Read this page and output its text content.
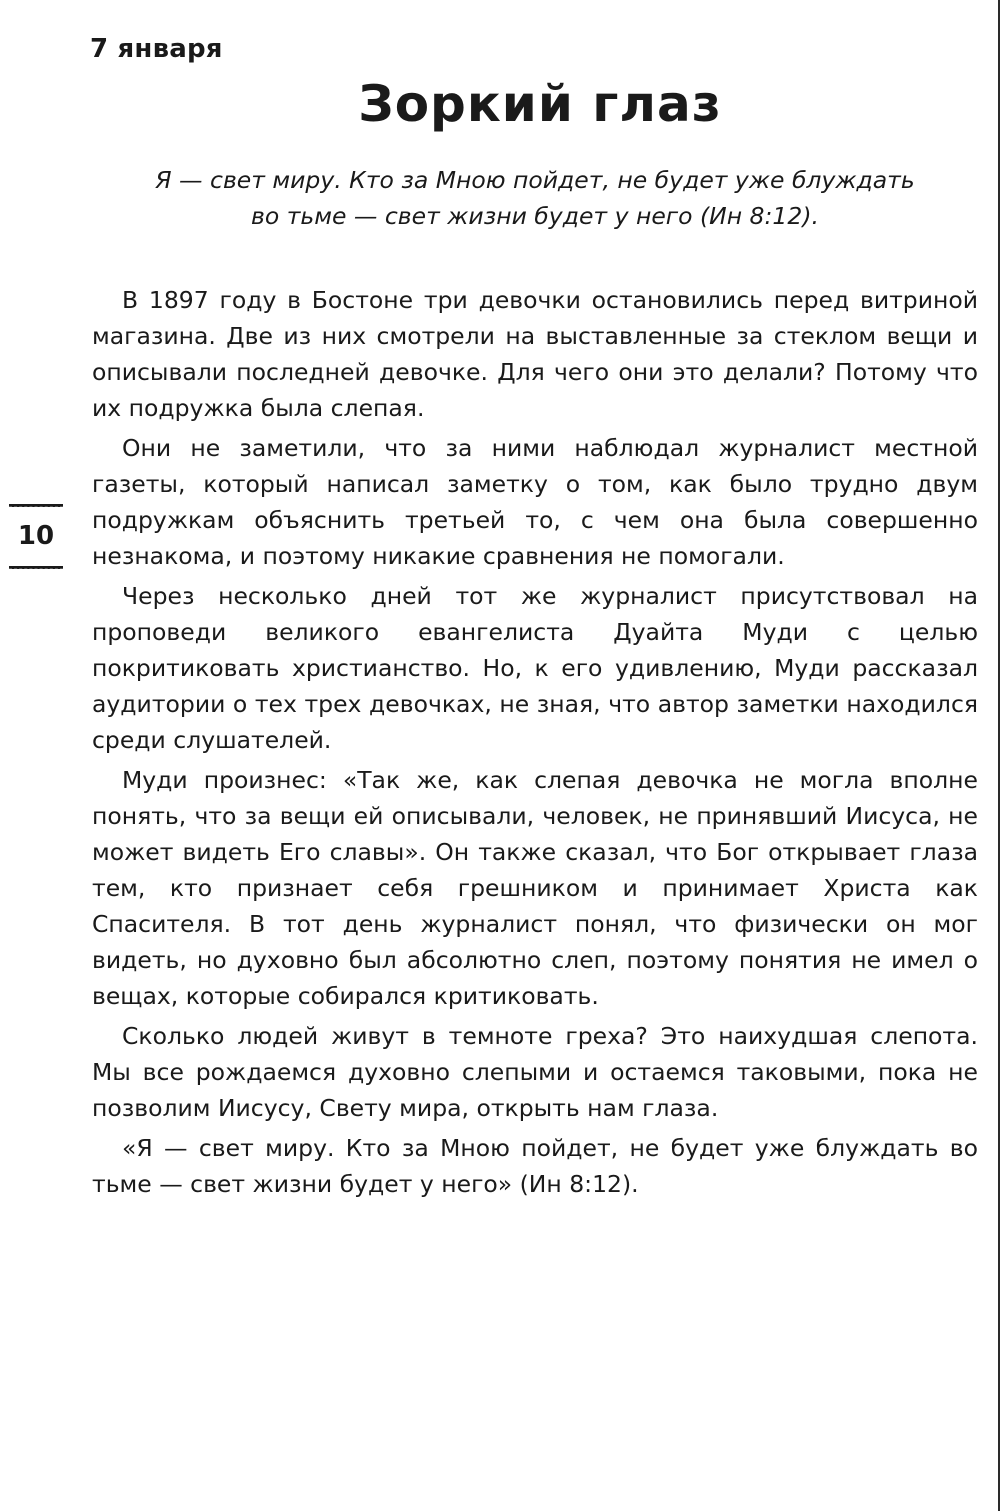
7 января
Зоркий глаз
Я — свет миру. Кто за Мною пойдет, не будет уже блуждать
во тьме — свет жизни будет у него (Ин 8:12).
10

В 1897 году в Бостоне три девочки остановились перед витриной магазина. Две из них смотрели на выставленные за стеклом вещи и описывали последней девочке. Для чего они это делали? Потому что их подружка была слепая.

Они не заметили, что за ними наблюдал журналист местной газеты, который написал заметку о том, как было трудно двум подружкам объяснить третьей то, с чем она была совершенно незнакома, и поэтому никакие сравнения не помогали.

Через несколько дней тот же журналист присутствовал на проповеди великого евангелиста Дуайта Муди с целью покритиковать христианство. Но, к его удивлению, Муди рассказал аудитории о тех трех девочках, не зная, что автор заметки находился среди слушателей.

Муди произнес: «Так же, как слепая девочка не могла вполне понять, что за вещи ей описывали, человек, не принявший Иисуса, не может видеть Его славы». Он также сказал, что Бог открывает глаза тем, кто признает себя грешником и принимает Христа как Спасителя. В тот день журналист понял, что физически он мог видеть, но духовно был абсолютно слеп, поэтому понятия не имел о вещах, которые собирался критиковать.

Сколько людей живут в темноте греха? Это наихудшая слепота. Мы все рождаемся духовно слепыми и остаемся таковыми, пока не позволим Иисусу, Свету мира, открыть нам глаза.

«Я — свет миру. Кто за Мною пойдет, не будет уже блуждать во тьме — свет жизни будет у него» (Ин 8:12).
